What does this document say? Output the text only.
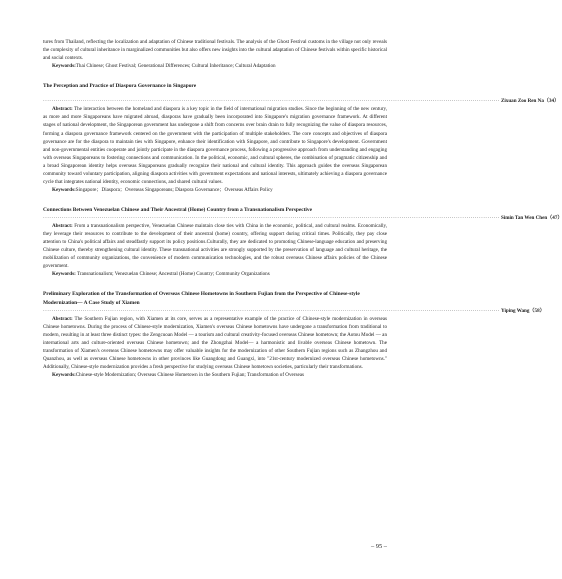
tures from Thailand, reflecting the localization and adaptation of Chinese traditional festivals. The analysis of the Ghost Festival customs in the village not only reveals the complexity of cultural inheritance in marginalized communities but also offers new insights into the cultural adaptation of Chinese festivals within specific historical and social contexts.

Keywords:Thai Chinese; Ghost Festival; Generational Differences; Cultural Inheritance; Cultural Adaptation

The Perception and Practice of Diaspora Governance in Singapore

·························································································································································································································· Zixuan Zoo Ren Na（34）

Abstract: The interaction between the homeland and diaspora is a key topic in the field of international migration studies. Since the beginning of the new century, as more and more Singaporeans have migrated abroad, diasporas have gradually been incorporated into Singapore's migration governance framework. At different stages of national development, the Singaporean government has undergone a shift from concerns over brain drain to fully recognizing the value of diaspora resources, forming a diaspora governance framework centered on the government with the participation of multiple stakeholders. The core concepts and objectives of diaspora governance are for the diaspora to maintain ties with Singapore, enhance their identification with Singapore, and contribute to Singapore's development. Government and non-governmental entities cooperate and jointly participate in the diaspora governance process, following a progressive approach from understanding and engaging with overseas Singaporeans to fostering connections and communication. In the political, economic, and cultural spheres, the combination of pragmatic citizenship and a broad Singaporean identity helps overseas Singaporeans gradually recognize their national and cultural identity. This approach guides the overseas Singaporean community toward voluntary participation, aligning diaspora activities with government expectations and national interests, ultimately achieving a diaspora governance cycle that integrates national identity, economic connections, and shared cultural values.

Keywords:Singapore；Diaspora；Overseas Singaporeans; Diaspora Governance；Overseas Affairs Policy

Connections Between Venezuelan Chinese and Their Ancestral (Home) Country from a Transnationalism Perspective

·························································································································································································································· Simin Tan Wen Chen（47）

Abstract: From a transnationalism perspective, Venezuelan Chinese maintain close ties with China in the economic, political, and cultural realms. Economically, they leverage their resources to contribute to the development of their ancestral (home) country, offering support during critical times. Politically, they pay close attention to China's political affairs and steadfastly support its policy positions.Culturally, they are dedicated to promoting Chinese-language education and preserving Chinese culture, thereby strengthening cultural identity. These transnational activities are strongly supported by the preservation of language and cultural heritage, the mobilization of community organizations, the convenience of modern communication technologies, and the robust overseas Chinese affairs policies of the Chinese government.

Keywords: Transnationalism; Venezuelan Chinese; Ancestral (Home) Country; Community Organizations

Preliminary Exploration of the Transformation of Overseas Chinese Hometowns in Southern Fujian from the Perspective of Chinese-style Modernization— A Case Study of Xiamen

·························································································································································································································· Yiping Wang（58）

Abstract: The Southern Fujian region, with Xiamen at its core, serves as a representative example of the practice of Chinese-style modernization in overseas Chinese hometowns. During the process of Chinese-style modernization, Xiamen's overseas Chinese hometowns have undergone a transformation from traditional to modern, resulting in at least three distinct types: the Zengcuoan Model — a tourism and cultural creativity-focused overseas Chinese hometown; the Aotou Model — an international arts and culture-oriented overseas Chinese hometown; and the Zhongzhai Model— a harmonistic and livable overseas Chinese hometown. The transformation of Xiamen's overseas Chinese hometowns may offer valuable insights for the modernization of other Southern Fujian regions such as Zhangzhou and Quanzhou, as well as overseas Chinese hometowns in other provinces like Guangdong and Guangxi, into "21st-century modernized overseas Chinese hometowns." Additionally, Chinese-style modernization provides a fresh perspective for studying overseas Chinese hometown societies, particularly their transformations.

Keywords:Chinese-style Modernization; Overseas Chinese Hometown in the Southern Fujian; Transformation of Overseas

– 95 –
